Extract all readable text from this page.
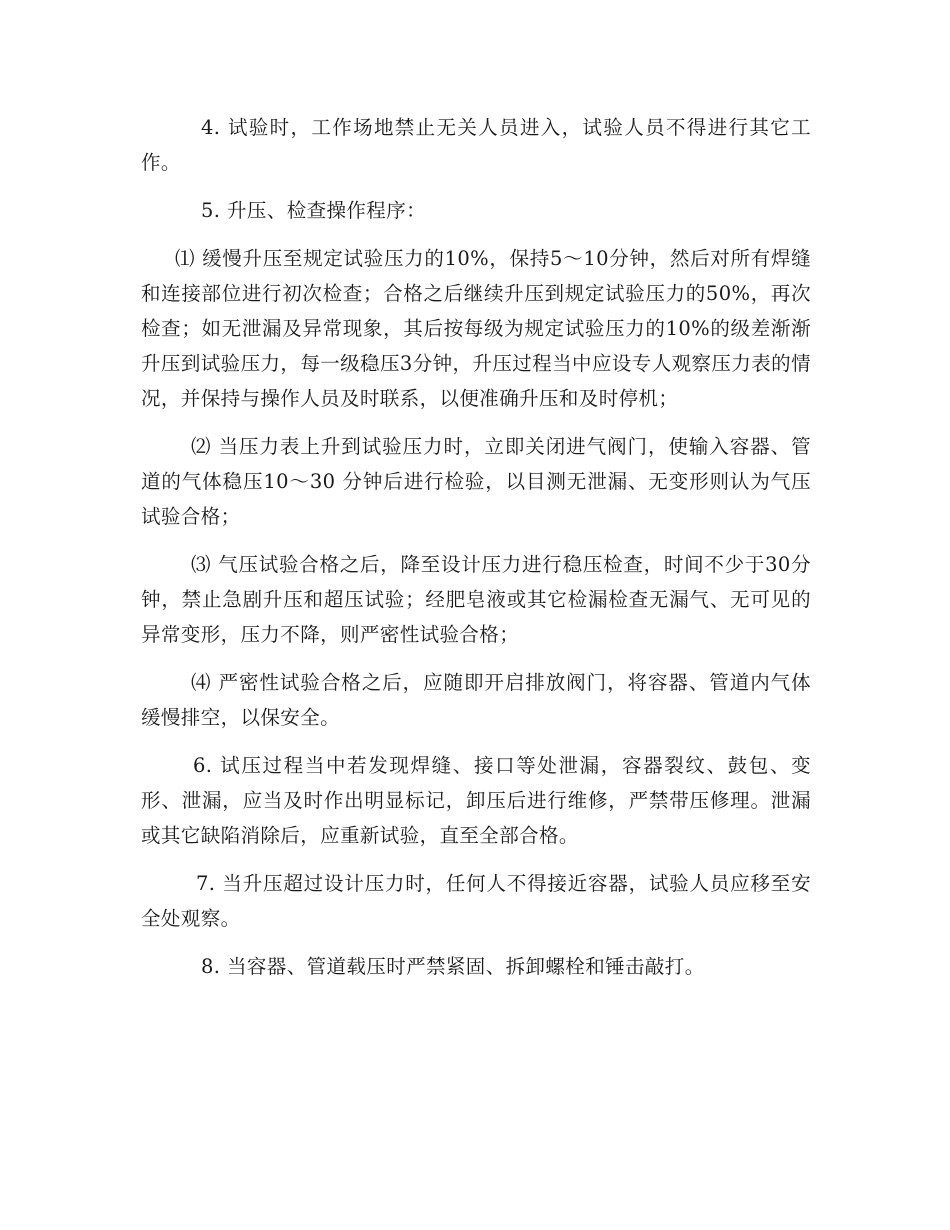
4. 试验时，工作场地禁止无关人员进入，试验人员不得进行其它工作。

5. 升压、检查操作程序：

⑴ 缓慢升压至规定试验压力的10%，保持5～10分钟，然后对所有焊缝和连接部位进行初次检查；合格之后继续升压到规定试验压力的50%，再次检查；如无泄漏及异常现象，其后按每级为规定试验压力的10%的级差渐渐升压到试验压力，每一级稳压3分钟，升压过程当中应设专人观察压力表的情况，并保持与操作人员及时联系，以便准确升压和及时停机；

⑵ 当压力表上升到试验压力时，立即关闭进气阀门，使输入容器、管道的气体稳压10～30 分钟后进行检验，以目测无泄漏、无变形则认为气压试验合格；

⑶ 气压试验合格之后，降至设计压力进行稳压检查，时间不少于30分钟，禁止急剧升压和超压试验；经肥皂液或其它检漏检查无漏气、无可见的异常变形，压力不降，则严密性试验合格；

⑷ 严密性试验合格之后，应随即开启排放阀门，将容器、管道内气体缓慢排空，以保安全。

6. 试压过程当中若发现焊缝、接口等处泄漏，容器裂纹、鼓包、变形、泄漏，应当及时作出明显标记，卸压后进行维修，严禁带压修理。泄漏或其它缺陷消除后，应重新试验，直至全部合格。

7. 当升压超过设计压力时，任何人不得接近容器，试验人员应移至安全处观察。

8. 当容器、管道载压时严禁紧固、拆卸螺栓和锤击敲打。
